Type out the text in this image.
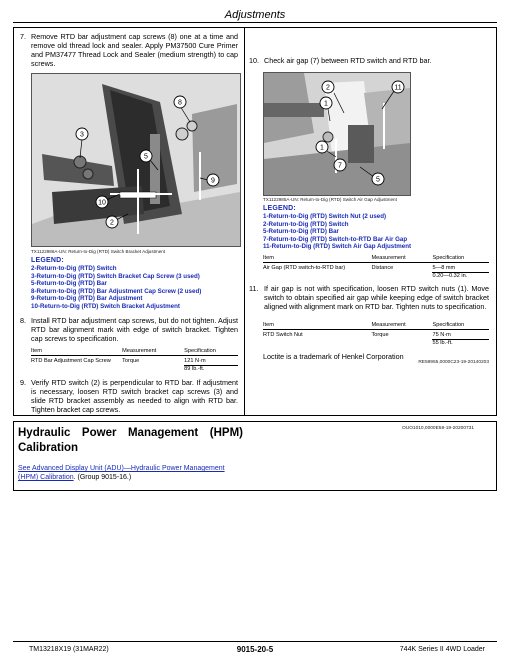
Adjustments
7. Remove RTD bar adjustment cap screws (8) one at a time and remove old thread lock and sealer. Apply PM37500 Cure Primer and PM37477 Thread Lock and Sealer (medium strength) to cap screws.
8
3
5
9
10
2
TX1122986A-UN: Return-to-Dig (RTD) Switch Bracket Adjustment
LEGEND:
2-Return-to-Dig (RTD) Switch
3-Return-to-Dig (RTD) Switch Bracket Cap Screw (3 used)
5-Return-to-Dig (RTD) Bar
8-Return-to-Dig (RTD) Bar Adjustment Cap Screw (2 used)
9-Return-to-Dig (RTD) Bar Adjustment
10-Return-to-Dig (RTD) Switch Bracket Adjustment
8. Install RTD bar adjustment cap screws, but do not tighten. Adjust RTD bar alignment mark with edge of switch bracket. Tighten cap screws to specification.
Item	Measurement	Specification
RTD Bar Adjustment Cap Screw	Torque	121 N·m
89 lb.-ft.
9. Verify RTD switch (2) is perpendicular to RTD bar. If adjustment is necessary, loosen RTD switch bracket cap screws (3) and slide RTD bracket assembly as needed to align with RTD bar. Tighten bracket cap screws.
10. Check air gap (7) between RTD switch and RTD bar.
2	11
1
1
7
5
TX1122985A-UN: Return-to-Dig (RTD) Switch Air Gap Adjustment
LEGEND:
1-Return-to-Dig (RTD) Switch Nut (2 used)
2-Return-to-Dig (RTD) Switch
5-Return-to-Dig (RTD) Bar
7-Return-to-Dig (RTD) Switch-to-RTD Bar Air Gap
11-Return-to-Dig (RTD) Switch Air Gap Adjustment
Item	Measurement	Specification
Air Gap (RTD switch-to-RTD bar)	Distance	5—8 mm
0.20—0.32 in.
11. If air gap is not with specification, loosen RTD switch nuts (1). Move switch to obtain specified air gap while keeping edge of switch bracket aligned with alignment mark on RTD bar. Tighten nuts to specification.
Item	Measurement	Specification
RTD Switch Nut	Torque	75 N·m
55 lb.-ft.
Loctite is a trademark of Henkel Corporation
RE59955,0000C23-19-20140203
Hydraulic Power Management (HPM) Calibration
OUO1010,0000E58-19-20200731
See Advanced Display Unit (ADU)—Hydraulic Power Management (HPM) Calibration. (Group 9015-16.)
TM13218X19 (31MAR22)	9015-20-5	744K Series II 4WD Loader
